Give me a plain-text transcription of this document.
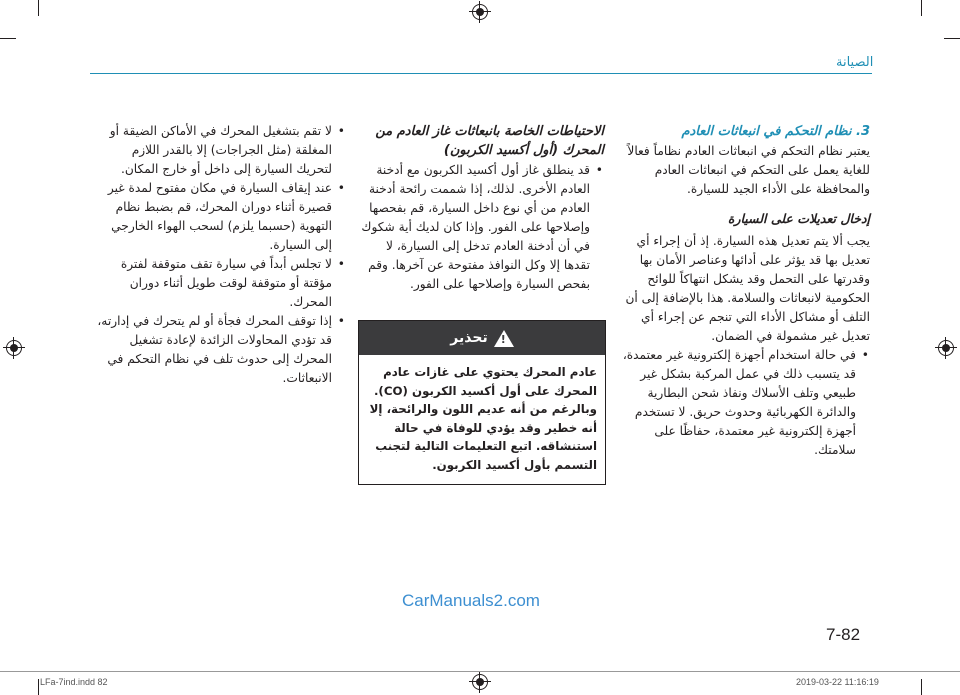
الصيانة
3. نظام التحكم في انبعاثات العادم

يعتبر نظام التحكم في انبعاثات العادم نظاماً فعالاً للغاية يعمل على التحكم في انبعاثات العادم والمحافظة على الأداء الجيد للسيارة.

إدخال تعديلات على السيارة

يجب ألا يتم تعديل هذه السيارة. إذ أن إجراء أي تعديل بها قد يؤثر على أدائها وعناصر الأمان بها وقدرتها على التحمل وقد يشكل انتهاكاً للوائح الحكومية لانبعاثات والسلامة. هذا بالإضافة إلى أن التلف أو مشاكل الأداء التي تنجم عن إجراء أي تعديل غير مشمولة في الضمان.

• في حالة استخدام أجهزة إلكترونية غير معتمدة، قد يتسبب ذلك في عمل المركبة بشكل غير طبيعي وتلف الأسلاك ونفاذ شحن البطارية والدائرة الكهربائية وحدوث حريق. لا تستخدم أجهزة إلكترونية غير معتمدة، حفاظًا على سلامتك.
الاحتياطات الخاصة بانبعاثات غاز العادم من المحرك (أول أكسيد الكربون)
• قد ينطلق غاز أول أكسيد الكربون مع أدخنة العادم الأخرى. لذلك، إذا شممت رائحة أدخنة العادم من أي نوع داخل السيارة، قم بفحصها وإصلاحها على الفور. وإذا كان لديك أية شكوك في أن أدخنة العادم تدخل إلى السيارة، لا تقدها إلا وكل النوافذ مفتوحة عن آخرها. وقم بفحص السيارة وإصلاحها على الفور.
!
تحذير
عادم المحرك يحتوي على غازات عادم المحرك على أول أكسيد الكربون (CO). وبالرغم من أنه عديم اللون والرائحة، إلا أنه خطير وقد يؤدي للوفاة في حالة استنشاقه. اتبع التعليمات التالية لتجنب التسمم بأول أكسيد الكربون.
• لا تقم بتشغيل المحرك في الأماكن الضيقة أو المغلقة (مثل الجراجات) إلا بالقدر اللازم لتحريك السيارة إلى داخل أو خارج المكان.
• عند إيقاف السيارة في مكان مفتوح لمدة غير قصيرة أثناء دوران المحرك، قم بضبط نظام التهوية (حسبما يلزم) لسحب الهواء الخارجي إلى السيارة.
• لا تجلس أبداً في سيارة تقف متوقفة لفترة مؤقتة أو متوقفة لوقت طويل أثناء دوران المحرك.
• إذا توقف المحرك فجأة أو لم يتحرك في إدارته، قد تؤدي المحاولات الزائدة لإعادة تشغيل المحرك إلى حدوث تلف في نظام التحكم في الانبعاثات.
CarManuals2.com
7-82
LFa-7ind.indd 82	2019-03-22 11:16:19
